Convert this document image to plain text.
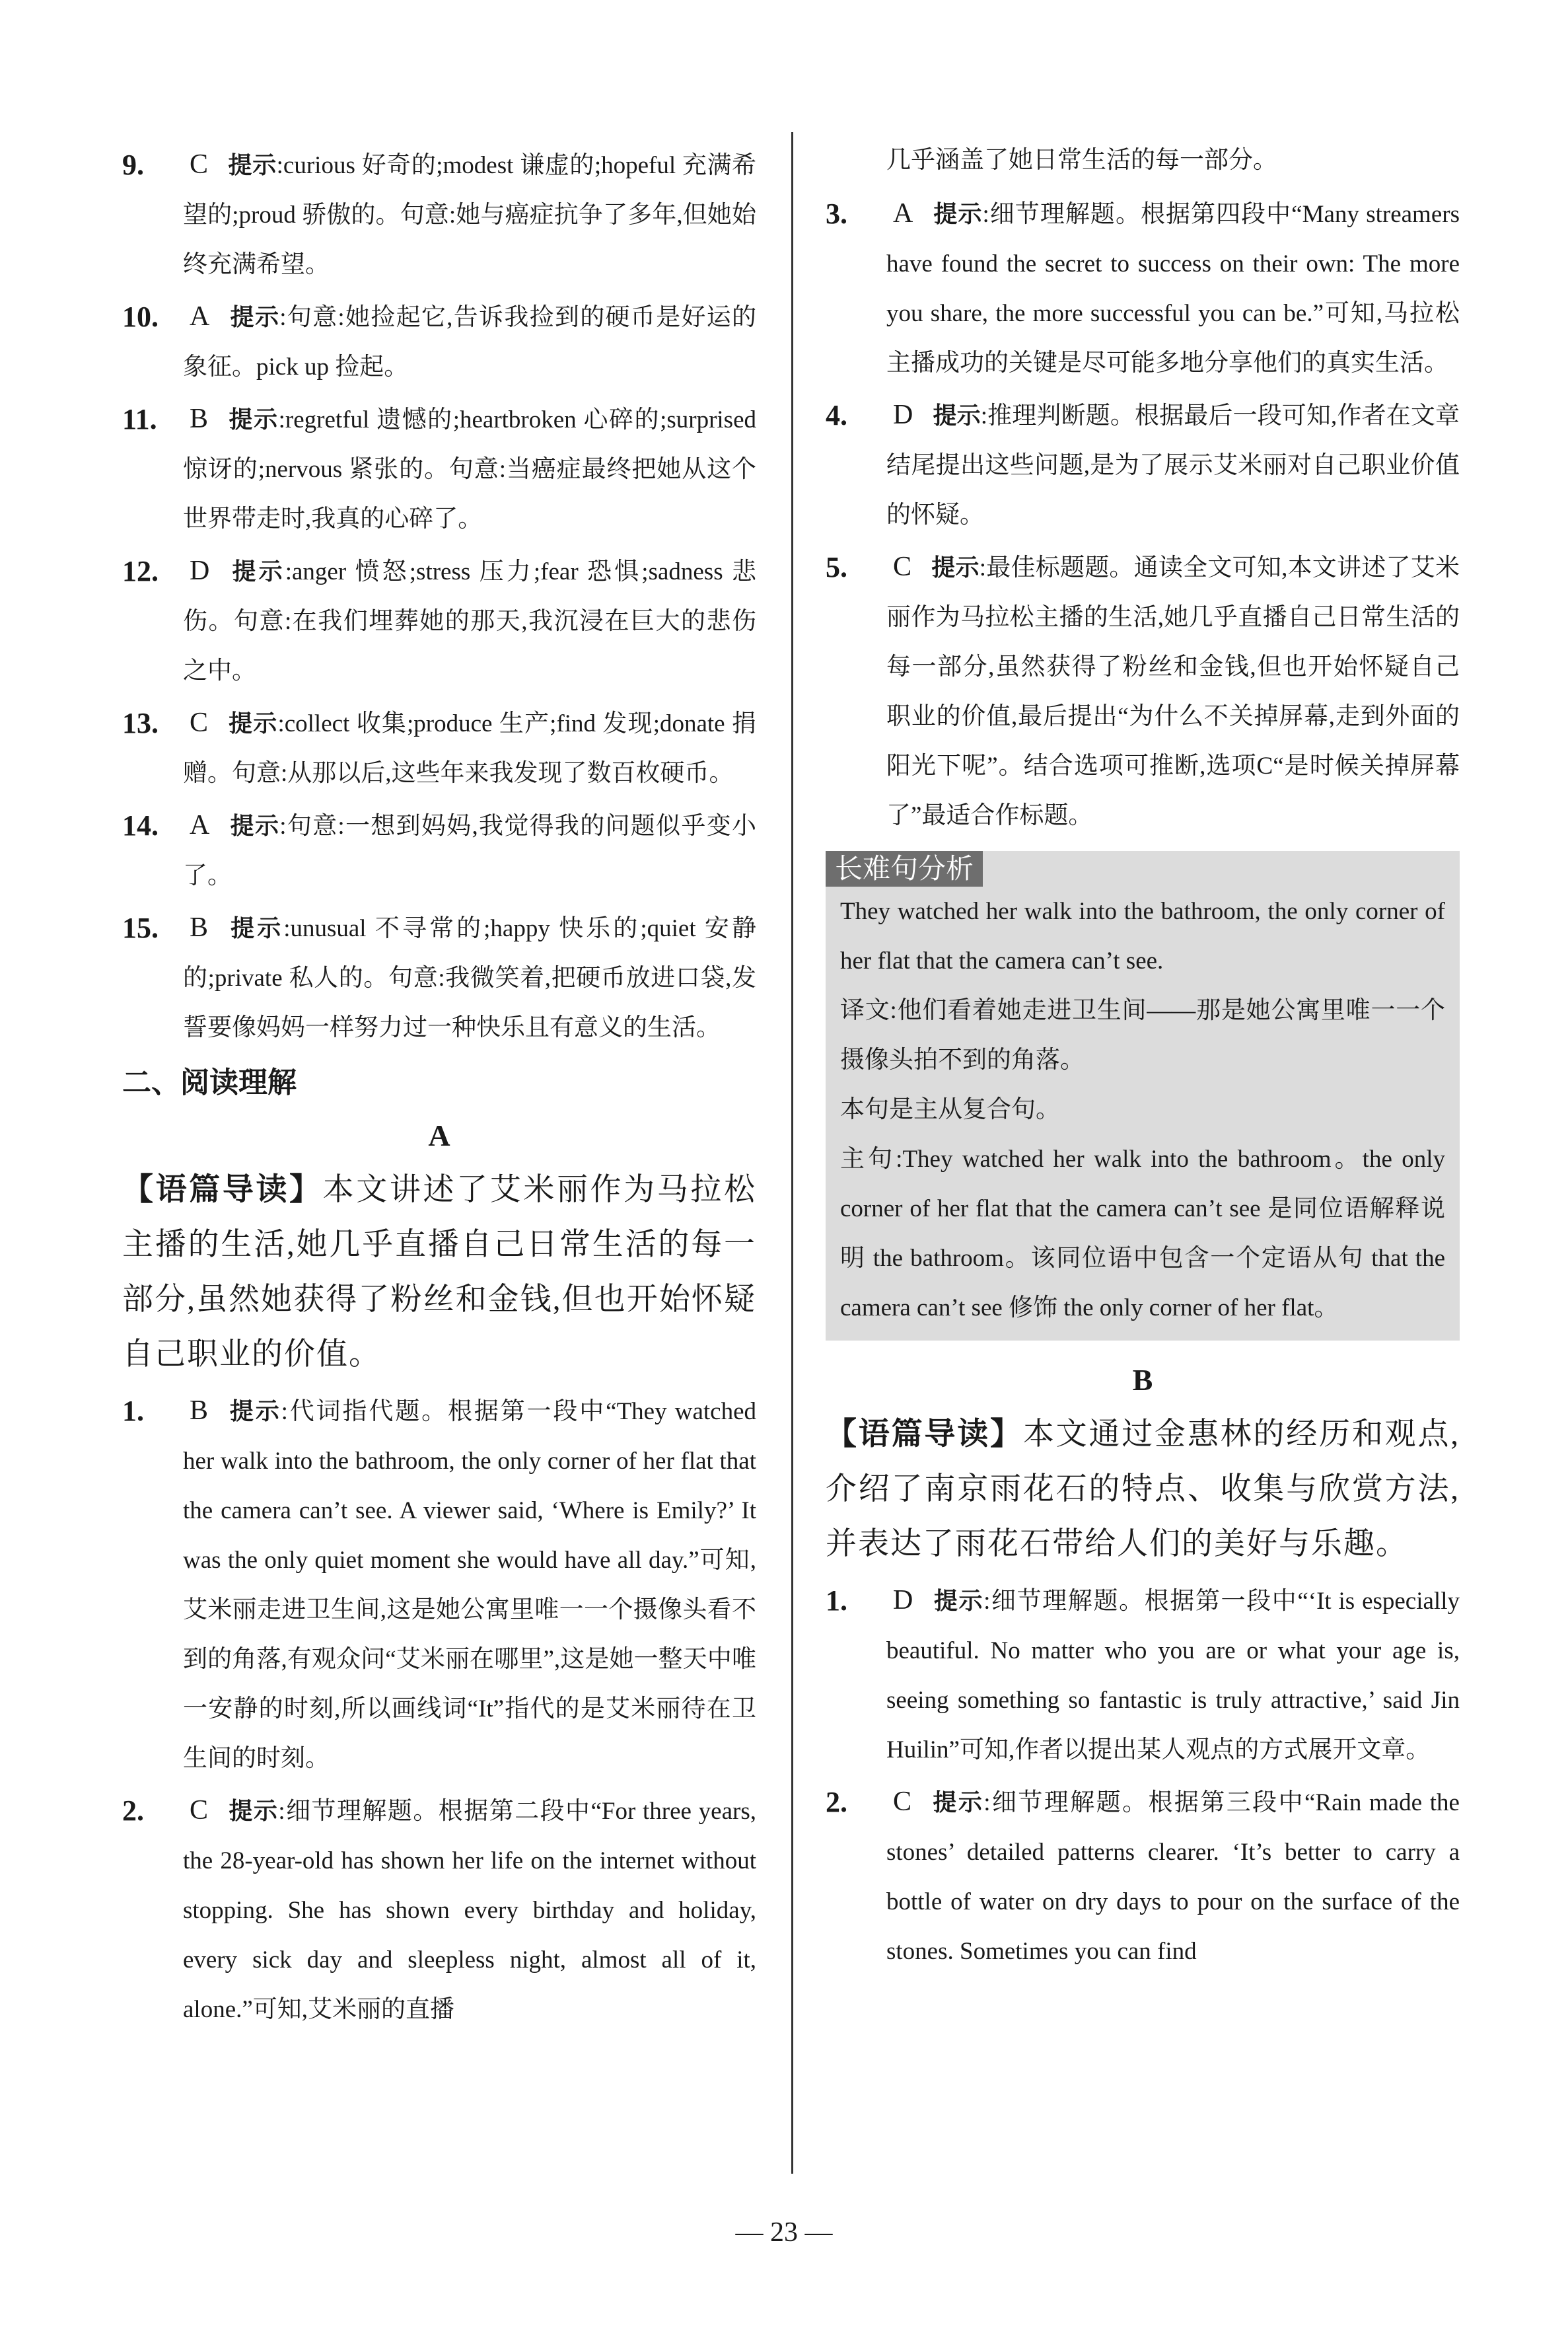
9.	C 提示:curious 好奇的;modest 谦虚的;hopeful 充满希望的;proud 骄傲的。句意:她与癌症抗争了多年,但她始终充满希望。
10. A 提示:句意:她捡起它,告诉我捡到的硬币是好运的象征。pick up 捡起。
11. B 提示:regretful 遗憾的;heartbroken 心碎的;surprised 惊讶的;nervous 紧张的。句意:当癌症最终把她从这个世界带走时,我真的心碎了。
12. D 提示:anger 愤怒;stress 压力;fear 恐惧;sadness 悲伤。句意:在我们埋葬她的那天,我沉浸在巨大的悲伤之中。
13. C 提示:collect 收集;produce 生产;find 发现;donate 捐赠。句意:从那以后,这些年来我发现了数百枚硬币。
14. A 提示:句意:一想到妈妈,我觉得我的问题似乎变小了。
15. B 提示:unusual 不寻常的;happy 快乐的;quiet 安静的;private 私人的。句意:我微笑着,把硬币放进口袋,发誓要像妈妈一样努力过一种快乐且有意义的生活。
二、阅读理解
A
【语篇导读】本文讲述了艾米丽作为马拉松主播的生活,她几乎直播自己日常生活的每一部分,虽然她获得了粉丝和金钱,但也开始怀疑自己职业的价值。
1.	B 提示:代词指代题。根据第一段中“They watched her walk into the bathroom, the only corner of her flat that the camera can’t see. A viewer said, ‘Where is Emily?’ It was the only quiet moment she would have all day.”可知,艾米丽走进卫生间,这是她公寓里唯一一个摄像头看不到的角落,有观众问“艾米丽在哪里”,这是她一整天中唯一安静的时刻,所以画线词“It”指代的是艾米丽待在卫生间的时刻。
2.	C 提示:细节理解题。根据第二段中“For three years, the 28-year-old has shown her life on the internet without stopping. She has shown every birthday and holiday, every sick day and sleepless night, almost all of it, alone.”可知,艾米丽的直播
几乎涵盖了她日常生活的每一部分。
3.	A 提示:细节理解题。根据第四段中“Many streamers have found the secret to success on their own: The more you share, the more successful you can be.”可知,马拉松主播成功的关键是尽可能多地分享他们的真实生活。
4.	D 提示:推理判断题。根据最后一段可知,作者在文章结尾提出这些问题,是为了展示艾米丽对自己职业价值的怀疑。
5.	C 提示:最佳标题题。通读全文可知,本文讲述了艾米丽作为马拉松主播的生活,她几乎直播自己日常生活的每一部分,虽然获得了粉丝和金钱,但也开始怀疑自己职业的价值,最后提出“为什么不关掉屏幕,走到外面的阳光下呢”。结合选项可推断,选项C“是时候关掉屏幕了”最适合作标题。
长难句分析

They watched her walk into the bathroom, the only corner of her flat that the camera can’t see.

译文:他们看着她走进卫生间——那是她公寓里唯一一个摄像头拍不到的角落。

本句是主从复合句。

主句:They watched her walk into the bathroom。the only corner of her flat that the camera can’t see 是同位语解释说明 the bathroom。该同位语中包含一个定语从句 that the camera can’t see 修饰 the only corner of her flat。

B
【语篇导读】本文通过金惠林的经历和观点,介绍了南京雨花石的特点、收集与欣赏方法,并表达了雨花石带给人们的美好与乐趣。
1.	D 提示:细节理解题。根据第一段中“‘It is especially beautiful. No matter who you are or what your age is, seeing something so fantastic is truly attractive,’ said Jin Huilin”可知,作者以提出某人观点的方式展开文章。
2.	C 提示:细节理解题。根据第三段中“Rain made the stones’ detailed patterns clearer. ‘It’s better to carry a bottle of water on dry days to pour on the surface of the stones. Sometimes you can find
— 23 —
